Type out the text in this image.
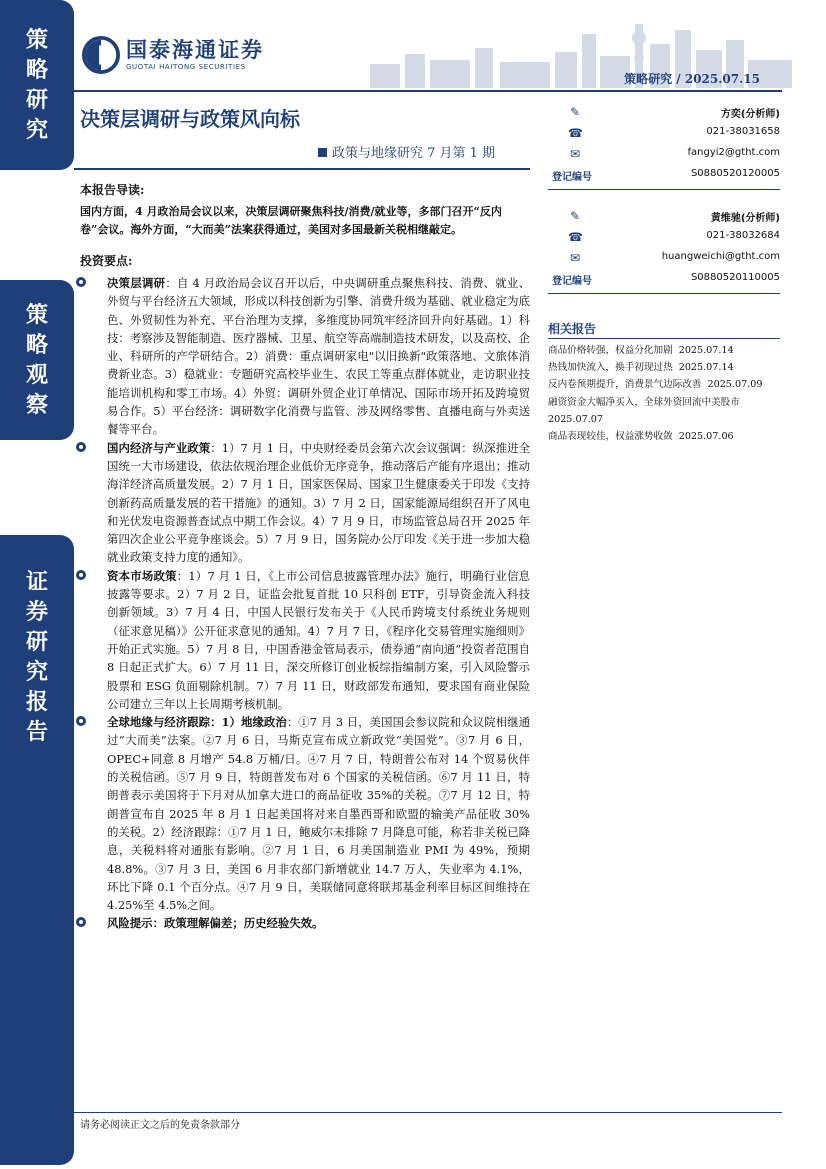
策
略
研
究
策
略
观
察
证
券
研
究
报
告
国泰海通证券
GUOTAI HAITONG SECURITIES
策略研究 / 2025.07.15
决策层调研与政策风向标
政策与地缘研究 7 月第 1 期
本报告导读:
国内方面，4 月政治局会议以来，决策层调研聚焦科技/消费/就业等，多部门召开“反内卷”会议。海外方面，“大而美”法案获得通过，美国对多国最新关税相继敲定。
投资要点:
决策层调研：自 4 月政治局会议召开以后，中央调研重点聚焦科技、消费、就业、外贸与平台经济五大领域，形成以科技创新为引擎、消费升级为基础、就业稳定为底色、外贸韧性为补充、平台治理为支撑，多维度协同筑牢经济回升向好基础。1）科技：考察涉及智能制造、医疗器械、卫星、航空等高端制造技术研发，以及高校、企业、科研所的产学研结合。2）消费：重点调研家电"以旧换新"政策落地、文旅体消费新业态。3）稳就业：专题研究高校毕业生、农民工等重点群体就业，走访职业技能培训机构和零工市场。4）外贸：调研外贸企业订单情况、国际市场开拓及跨境贸易合作。5）平台经济：调研数字化消费与监管、涉及网络零售、直播电商与外卖送餐等平台。
国内经济与产业政策：1）7 月 1 日，中央财经委员会第六次会议强调：纵深推进全国统一大市场建设，依法依规治理企业低价无序竞争，推动落后产能有序退出；推动海洋经济高质量发展。2）7 月 1 日，国家医保局、国家卫生健康委关于印发《支持创新药高质量发展的若干措施》的通知。3）7 月 2 日，国家能源局组织召开了风电和光伏发电资源普查试点中期工作会议。4）7 月 9 日，市场监管总局召开 2025 年第四次企业公平竞争座谈会。5）7 月 9 日，国务院办公厅印发《关于进一步加大稳就业政策支持力度的通知》。
资本市场政策：1）7 月 1 日，《上市公司信息披露管理办法》施行，明确行业信息披露等要求。2）7 月 2 日，证监会批复首批 10 只科创 ETF，引导资金流入科技创新领域。3）7 月 4 日，中国人民银行发布关于《人民币跨境支付系统业务规则（征求意见稿）》公开征求意见的通知。4）7 月 7 日，《程序化交易管理实施细则》开始正式实施。5）7 月 8 日，中国香港金管局表示，债券通“南向通”投资者范围自 8 日起正式扩大。6）7 月 11 日，深交所修订创业板综指编制方案，引入风险警示股票和 ESG 负面剔除机制。7）7 月 11 日，财政部发布通知，要求国有商业保险公司建立三年以上长周期考核机制。
全球地缘与经济跟踪：1）地缘政治：①7 月 3 日，美国国会参议院和众议院相继通过“大而美”法案。②7 月 6 日，马斯克宣布成立新政党“美国党”。③7 月 6 日，OPEC+同意 8 月增产 54.8 万桶/日。④7 月 7 日，特朗普公布对 14 个贸易伙伴的关税信函。⑤7 月 9 日，特朗普发布对 6 个国家的关税信函。⑥7 月 11 日，特朗普表示美国将于下月对从加拿大进口的商品征收 35%的关税。⑦7 月 12 日，特朗普宣布自 2025 年 8 月 1 日起美国将对来自墨西哥和欧盟的输美产品征收 30%的关税。2）经济跟踪：①7 月 1 日，鲍威尔未排除 7 月降息可能，称若非关税已降息，关税料将对通胀有影响。②7 月 1 日，6 月美国制造业 PMI 为 49%，预期 48.8%。③7 月 3 日，美国 6 月非农部门新增就业 14.7 万人，失业率为 4.1%，环比下降 0.1 个百分点。④7 月 9 日，美联储同意将联邦基金利率目标区间维持在 4.25%至 4.5%之间。
风险提示：政策理解偏差；历史经验失效。
✎	方奕(分析师)
☎	021-38031658
✉	fangyi2@gtht.com
登记编号	S0880520120005
✎	黄维驰(分析师)
☎	021-38032684
✉	huangweichi@gtht.com
登记编号	S0880520110005
相关报告
商品价格转强，权益分化加剧 2025.07.14
热钱加快流入，换手初现过热 2025.07.14
反内卷预期提升，消费景气边际改善 2025.07.09
融资资金大幅净买入，全球外资回流中美股市
2025.07.07
商品表现较佳，权益涨势收敛 2025.07.06
请务必阅读正文之后的免责条款部分
